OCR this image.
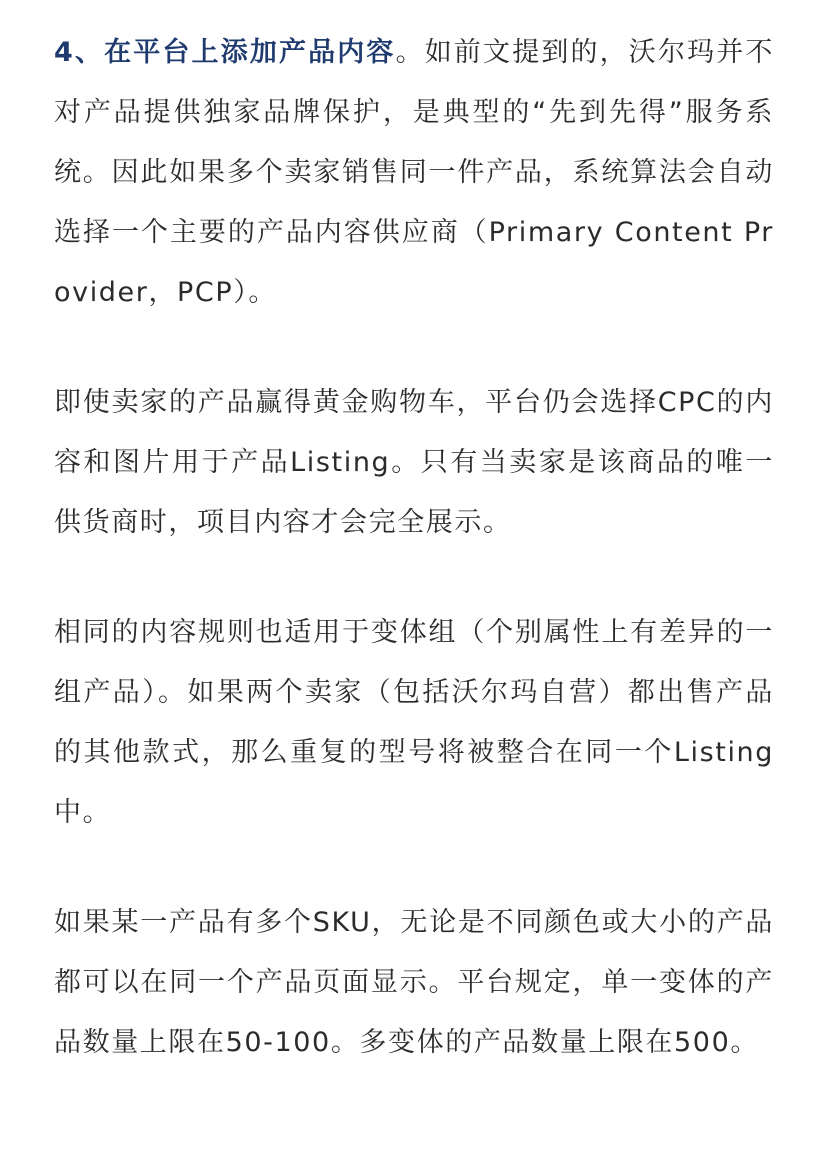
4、在平台上添加产品内容。如前文提到的，沃尔玛并不对产品提供独家品牌保护，是典型的“先到先得”服务系统。因此如果多个卖家销售同一件产品，系统算法会自动选择一个主要的产品内容供应商（Primary Content Provider，PCP）。

即使卖家的产品赢得黄金购物车，平台仍会选择CPC的内容和图片用于产品Listing。只有当卖家是该商品的唯一供货商时，项目内容才会完全展示。

相同的内容规则也适用于变体组（个别属性上有差异的一组产品）。如果两个卖家（包括沃尔玛自营）都出售产品的其他款式，那么重复的型号将被整合在同一个Listing中。

如果某一产品有多个SKU，无论是不同颜色或大小的产品都可以在同一个产品页面显示。平台规定，单一变体的产品数量上限在50-100。多变体的产品数量上限在500。
